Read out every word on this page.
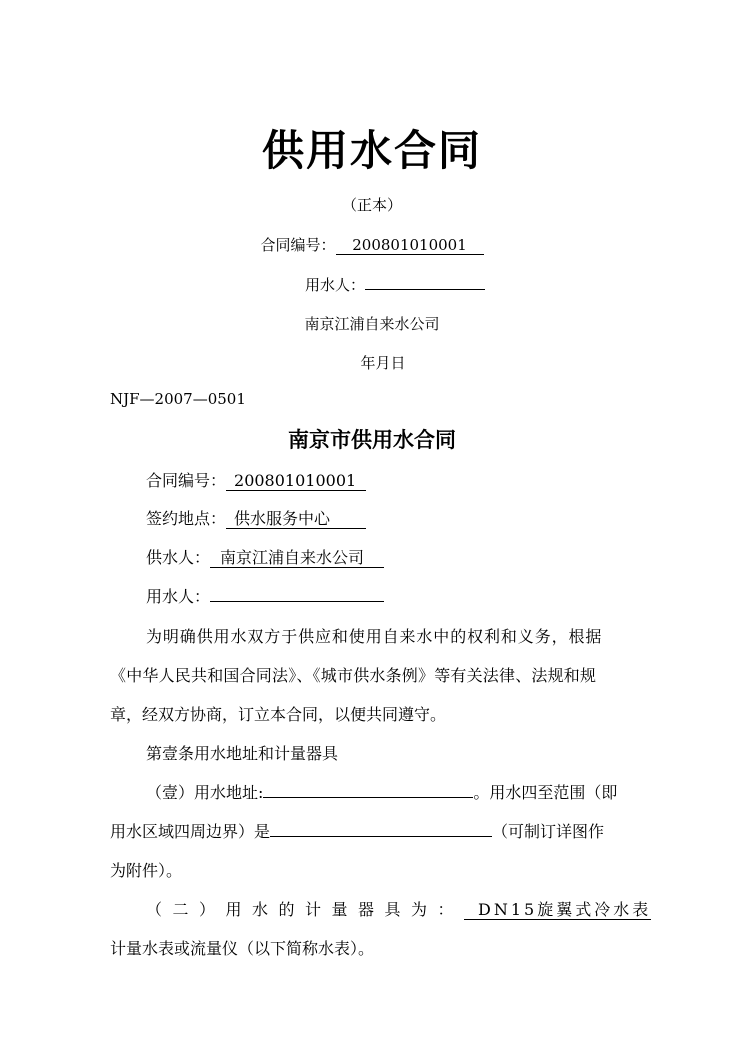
供用水合同
（正本）
合同编号： 200801010001
用水人：
南京江浦自来水公司
年月日
NJF—2007—0501
南京市供用水合同
合同编号： 200801010001
签约地点： 供水服务中心
供水人： 南京江浦自来水公司
用水人：
为明确供用水双方于供应和使用自来水中的权利和义务，根据
《中华人民共和国合同法》、《城市供水条例》等有关法律、法规和规
章，经双方协商，订立本合同，以便共同遵守。
第壹条用水地址和计量器具
（壹）用水地址:	。用水四至范围（即
用水区域四周边界）是	（可制订详图作
为附件）。
（二）用水的计量器具为： DN15旋翼式冷水表
计量水表或流量仪（以下简称水表）。
